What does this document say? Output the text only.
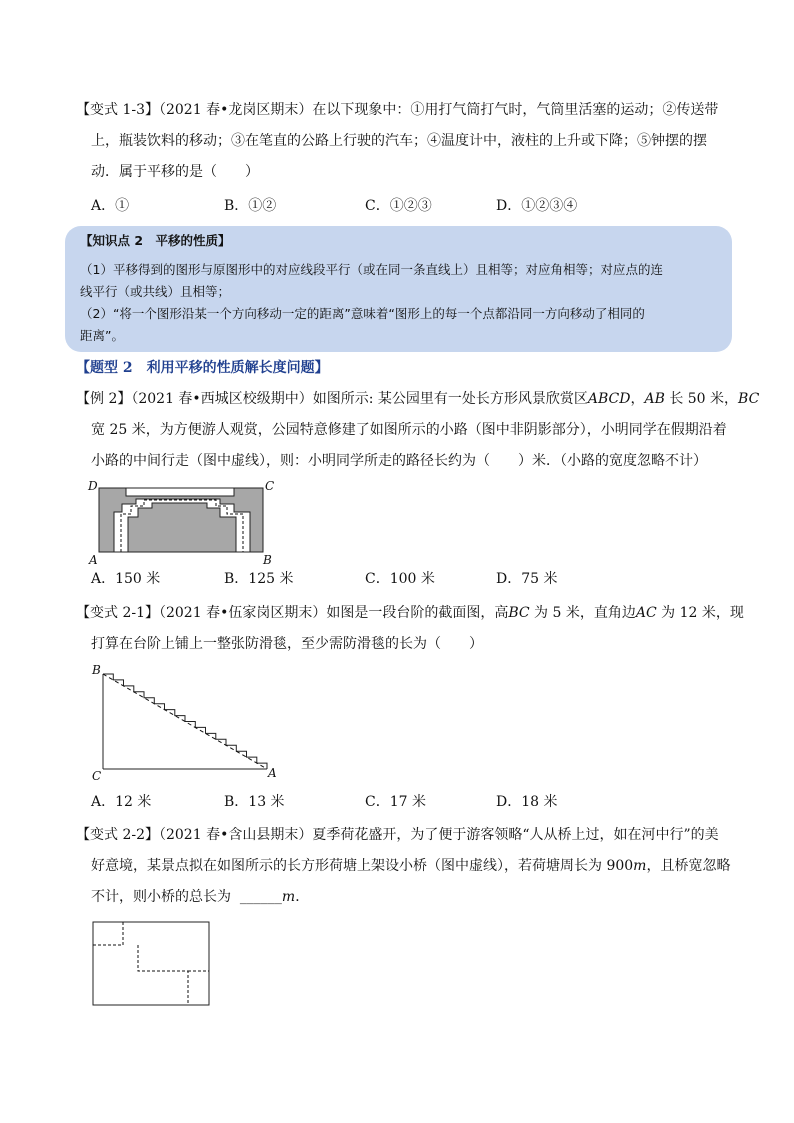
【变式 1-3】（2021 春•龙岗区期末）在以下现象中：①用打气筒打气时，气筒里活塞的运动；②传送带
上，瓶装饮料的移动；③在笔直的公路上行驶的汽车；④温度计中，液柱的上升或下降；⑤钟摆的摆
动．属于平移的是（　　）
A．①	B．①②	C．①②③	D．①②③④
【知识点 2　平移的性质】
（1）平移得到的图形与原图形中的对应线段平行（或在同一条直线上）且相等；对应角相等；对应点的连
线平行（或共线）且相等；
（2）“将一个图形沿某一个方向移动一定的距离”意味着“图形上的每一个点都沿同一方向移动了相同的
距离”。
【题型 2　利用平移的性质解长度问题】
【例 2】（2021 春•西城区校级期中）如图所示: 某公园里有一处长方形风景欣赏区ABCD，AB 长 50 米，BC
宽 25 米，为方便游人观赏，公园特意修建了如图所示的小路（图中非阴影部分），小明同学在假期沿着
小路的中间行走（图中虚线），则：小明同学所走的路径长约为（　　）米．（小路的宽度忽略不计）
D	C
A	B
A．150 米	B．125 米	C．100 米	D．75 米
【变式 2-1】（2021 春•伍家岗区期末）如图是一段台阶的截面图，高BC 为 5 米，直角边AC 为 12 米，现
打算在台阶上铺上一整张防滑毯，至少需防滑毯的长为（　　）
B
C	A
A．12 米	B．13 米	C．17 米	D．18 米
【变式 2-2】（2021 春•含山县期末）夏季荷花盛开，为了便于游客领略“人从桥上过，如在河中行”的美
好意境，某景点拟在如图所示的长方形荷塘上架设小桥（图中虚线），若荷塘周长为 900m，且桥宽忽略
不计，则小桥的总长为 ______m．
